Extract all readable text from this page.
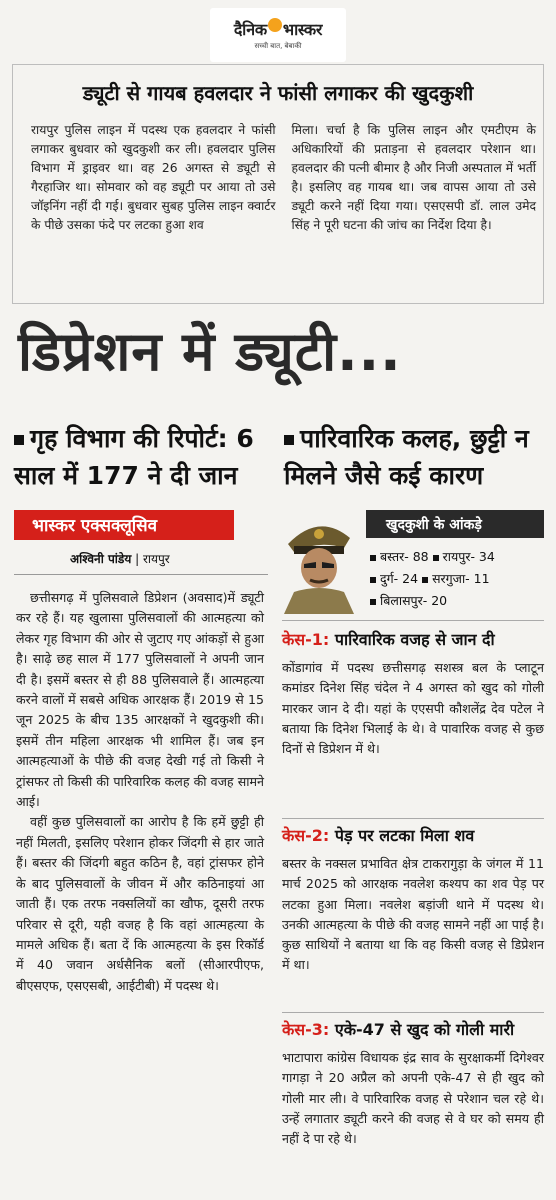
दैनिक भास्कर
सच्ची बात, बेबाकी
ड्यूटी से गायब हवलदार ने फांसी लगाकर की खुदकुशी
रायपुर पुलिस लाइन में पदस्थ एक हवलदार ने फांसी लगाकर बुधवार को खुदकुशी कर ली। हवलदार पुलिस विभाग में ड्राइवर था। वह 26 अगस्त से ड्यूटी से गैरहाजिर था। सोमवार को वह ड्यूटी पर आया तो उसे जॉइनिंग नहीं दी गई। बुधवार सुबह पुलिस लाइन क्वार्टर के पीछे उसका फंदे पर लटका हुआ शव
मिला। चर्चा है कि पुलिस लाइन और एमटीएम के अधिकारियों की प्रताड़ना से हवलदार परेशान था। हवलदार की पत्नी बीमार है और निजी अस्पताल में भर्ती है। इसलिए वह गायब था। जब वापस आया तो उसे ड्यूटी करने नहीं दिया गया। एसएसपी डॉ. लाल उमेद सिंह ने पूरी घटना की जांच का निर्देश दिया है।
डिप्रेशन में ड्यूटी...
गृह विभाग की रिपोर्ट: 6 साल में 177 ने दी जान
पारिवारिक कलह, छुट्टी न मिलने जैसे कई कारण
भास्कर एक्सक्लूसिव
अश्विनी पांडेय | रायपुर

छत्तीसगढ़ में पुलिसवाले डिप्रेशन (अवसाद)में ड्यूटी कर रहे हैं। यह खुलासा पुलिसवालों की आत्महत्या को लेकर गृह विभाग की ओर से जुटाए गए आंकड़ों से हुआ है। साढ़े छह साल में 177 पुलिसवालों ने अपनी जान दी है। इसमें बस्तर से ही 88 पुलिसवाले हैं। आत्महत्या करने वालों में सबसे अधिक आरक्षक हैं। 2019 से 15 जून 2025 के बीच 135 आरक्षकों ने खुदकुशी की। इसमें तीन महिला आरक्षक भी शामिल हैं। जब इन आत्महत्याओं के पीछे की वजह देखी गई तो किसी ने ट्रांसफर तो किसी की पारिवारिक कलह की वजह सामने आई।

वहीं कुछ पुलिसवालों का आरोप है कि हमें छुट्टी ही नहीं मिलती, इसलिए परेशान होकर जिंदगी से हार जाते हैं। बस्तर की जिंदगी बहुत कठिन है, वहां ट्रांसफर होने के बाद पुलिसवालों के जीवन में और कठिनाइयां आ जाती हैं। एक तरफ नक्सलियों का खौफ, दूसरी तरफ परिवार से दूरी, यही वजह है कि वहां आत्महत्या के मामले अधिक हैं। बता दें कि आत्महत्या के इस रिकॉर्ड में 40 जवान अर्धसैनिक बलों (सीआरपीएफ, बीएसएफ, एसएसबी, आईटीबी) में पदस्थ थे।

खुदकुशी के आंकड़े
बस्तर- 88 रायपुर- 34
दुर्ग- 24 सरगुजा- 11
बिलासपुर- 20
केस-1: पारिवारिक वजह से जान दी
कोंडागांव में पदस्थ छत्तीसगढ़ सशस्त्र बल के प्लाटून कमांडर दिनेश सिंह चंदेल ने 4 अगस्त को खुद को गोली मारकर जान दे दी। यहां के एएसपी कौशलेंद्र देव पटेल ने बताया कि दिनेश भिलाई के थे। वे पावारिक वजह से कुछ दिनों से डिप्रेशन में थे।
केस-2: पेड़ पर लटका मिला शव
बस्तर के नक्सल प्रभावित क्षेत्र टाकरागुड़ा के जंगल में 11 मार्च 2025 को आरक्षक नवलेश कश्यप का शव पेड़ पर लटका हुआ मिला। नवलेश बड़ांजी थाने में पदस्थ थे। उनकी आत्महत्या के पीछे की वजह सामने नहीं आ पाई है। कुछ साथियों ने बताया था कि वह किसी वजह से डिप्रेशन में था।
केस-3: एके-47 से खुद को गोली मारी
भाटापारा कांग्रेस विधायक इंद्र साव के सुरक्षाकर्मी दिगेश्वर गागड़ा ने 20 अप्रैल को अपनी एके-47 से ही खुद को गोली मार ली। वे पारिवारिक वजह से परेशान चल रहे थे। उन्हें लगातार ड्यूटी करने की वजह से वे घर को समय ही नहीं दे पा रहे थे।
